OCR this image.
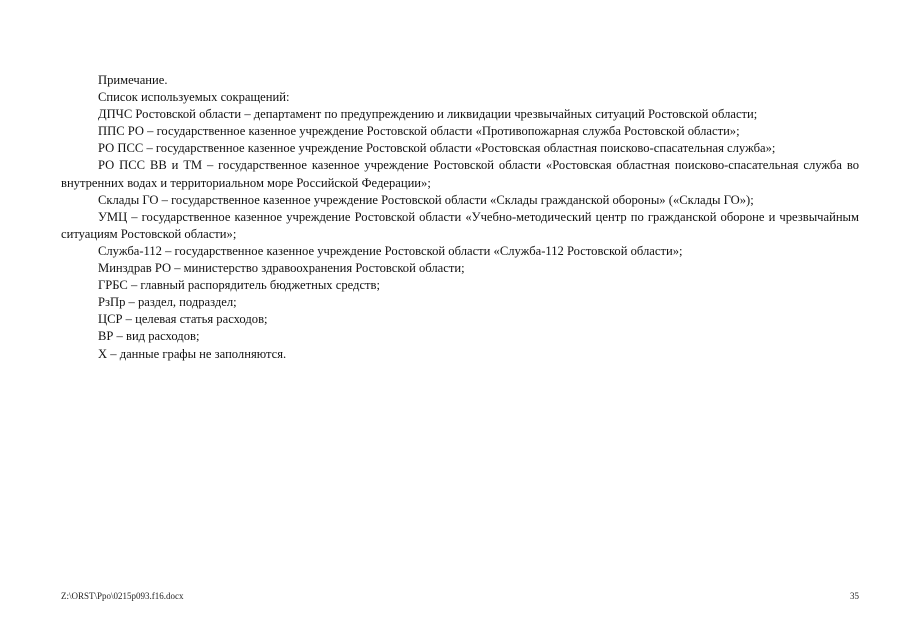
Примечание.

Список используемых сокращений:

ДПЧС Ростовской области – департамент по предупреждению и ликвидации чрезвычайных ситуаций Ростовской области;

ППС РО – государственное казенное учреждение Ростовской области «Противопожарная служба Ростовской области»;

РО ПСС – государственное казенное учреждение Ростовской области «Ростовская областная поисково-спасательная служба»;

РО ПСС ВВ и ТМ – государственное казенное учреждение Ростовской области «Ростовская областная поисково-спасательная служба во внутренних водах и территориальном море Российской Федерации»;

Склады ГО – государственное казенное учреждение Ростовской области «Склады гражданской обороны» («Склады ГО»);

УМЦ – государственное казенное учреждение Ростовской области «Учебно-методический центр по гражданской обороне и чрезвычайным ситуациям Ростовской области»;

Служба-112 – государственное казенное учреждение Ростовской области «Служба-112 Ростовской области»;

Минздрав РО – министерство здравоохранения Ростовской области;

ГРБС – главный распорядитель бюджетных средств;

РзПр – раздел, подраздел;

ЦСР – целевая статья расходов;

ВР – вид расходов;

Х – данные графы не заполняются.

Z:\ORST\Ppo\0215p093.f16.docx	35
